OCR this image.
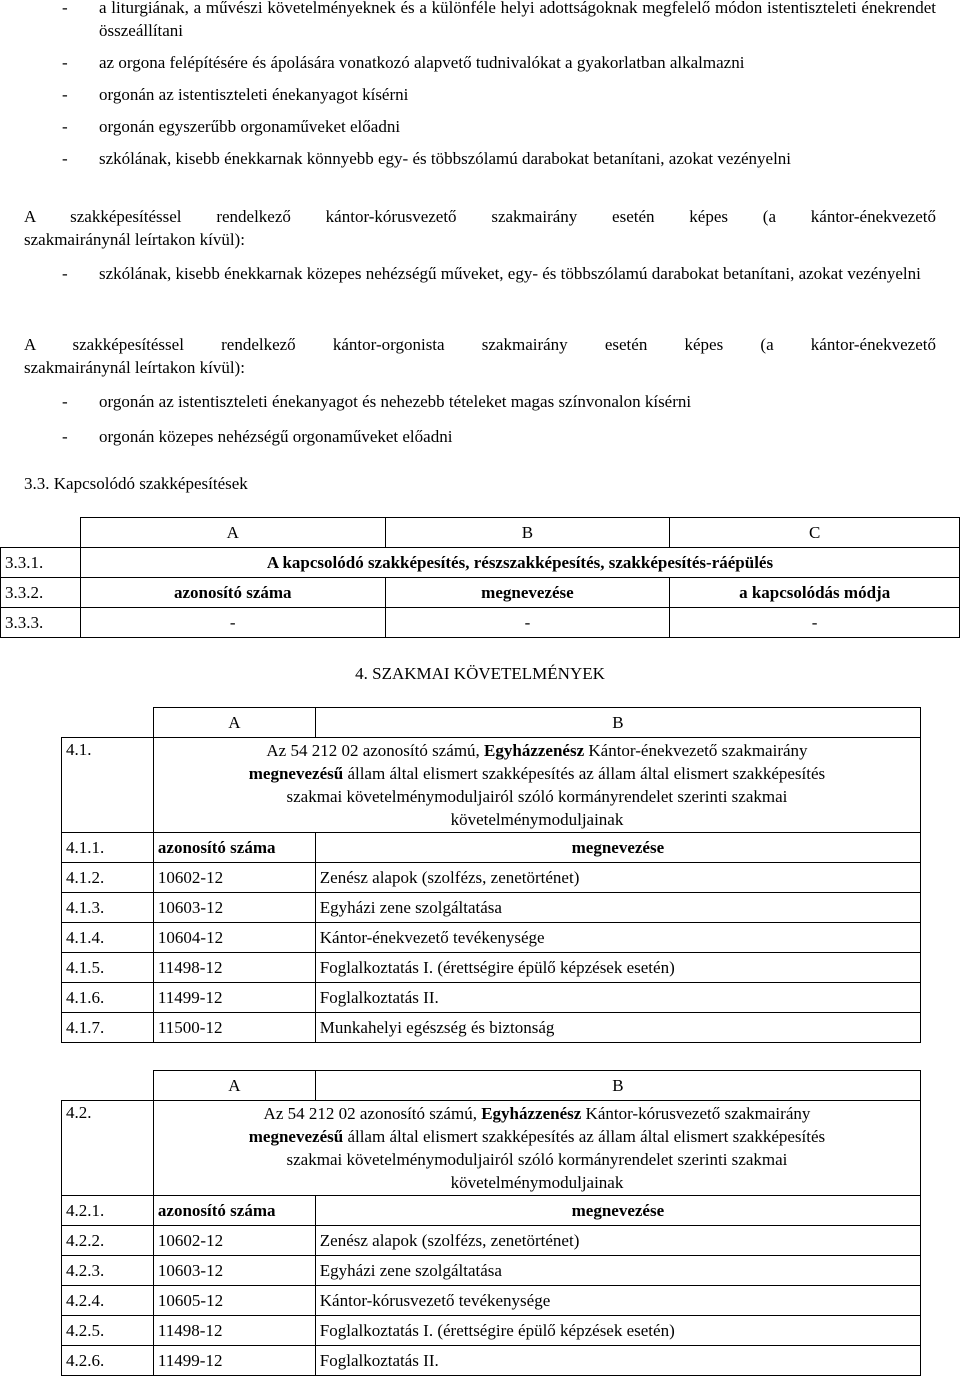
- a liturgiának, a művészi követelményeknek és a különféle helyi adottságoknak megfelelő módon istentiszteleti énekrendet összeállítani
- az orgona felépítésére és ápolására vonatkozó alapvető tudnivalókat a gyakorlatban alkalmazni
- orgonán az istentiszteleti énekanyagot kísérni
- orgonán egyszerűbb orgonaműveket előadni
- szkólának, kisebb énekkarnak könnyebb egy- és többszólamú darabokat betanítani, azokat vezényelni
A szakképesítéssel rendelkező kántor-kórusvezető szakmairány esetén képes (a kántor-énekvezető
szakmairánynál leírtakon kívül):
- szkólának, kisebb énekkarnak közepes nehézségű műveket, egy- és többszólamú darabokat betanítani, azokat vezényelni
A szakképesítéssel rendelkező kántor-orgonista szakmairány esetén képes (a kántor-énekvezető
szakmairánynál leírtakon kívül):
- orgonán az istentiszteleti énekanyagot és nehezebb tételeket magas színvonalon kísérni
- orgonán közepes nehézségű orgonaműveket előadni
3.3. Kapcsolódó szakképesítések
	A	B	C
3.3.1.	A kapcsolódó szakképesítés, részszakképesítés, szakképesítés-ráépülés		
3.3.2.	azonosító száma	megnevezése	a kapcsolódás módja
3.3.3.	-	-	-
4. SZAKMAI KÖVETELMÉNYEK
	A	B
4.1.	Az 54 212 02 azonosító számú, Egyházzenész Kántor-énekvezető szakmairány
megnevezésű állam által elismert szakképesítés az állam által elismert szakképesítés
szakmai követelménymoduljairól szóló kormányrendelet szerinti szakmai
követelménymoduljainak	

4.1.1.	azonosító száma	megnevezése
4.1.2.	10602-12	Zenész alapok (szolfézs, zenetörténet)
4.1.3.	10603-12	Egyházi zene szolgáltatása
4.1.4.	10604-12	Kántor-énekvezető tevékenysége
4.1.5.	11498-12	Foglalkoztatás I. (érettségire épülő képzések esetén)
4.1.6.	11499-12	Foglalkoztatás II.
4.1.7.	11500-12	Munkahelyi egészség és biztonság
	A	B
4.2.	Az 54 212 02 azonosító számú, Egyházzenész Kántor-kórusvezető szakmairány
megnevezésű állam által elismert szakképesítés az állam által elismert szakképesítés
szakmai követelménymoduljairól szóló kormányrendelet szerinti szakmai
követelménymoduljainak	

4.2.1.	azonosító száma	megnevezése
4.2.2.	10602-12	Zenész alapok (szolfézs, zenetörténet)
4.2.3.	10603-12	Egyházi zene szolgáltatása
4.2.4.	10605-12	Kántor-kórusvezető tevékenysége
4.2.5.	11498-12	Foglalkoztatás I. (érettségire épülő képzések esetén)
4.2.6.	11499-12	Foglalkoztatás II.
